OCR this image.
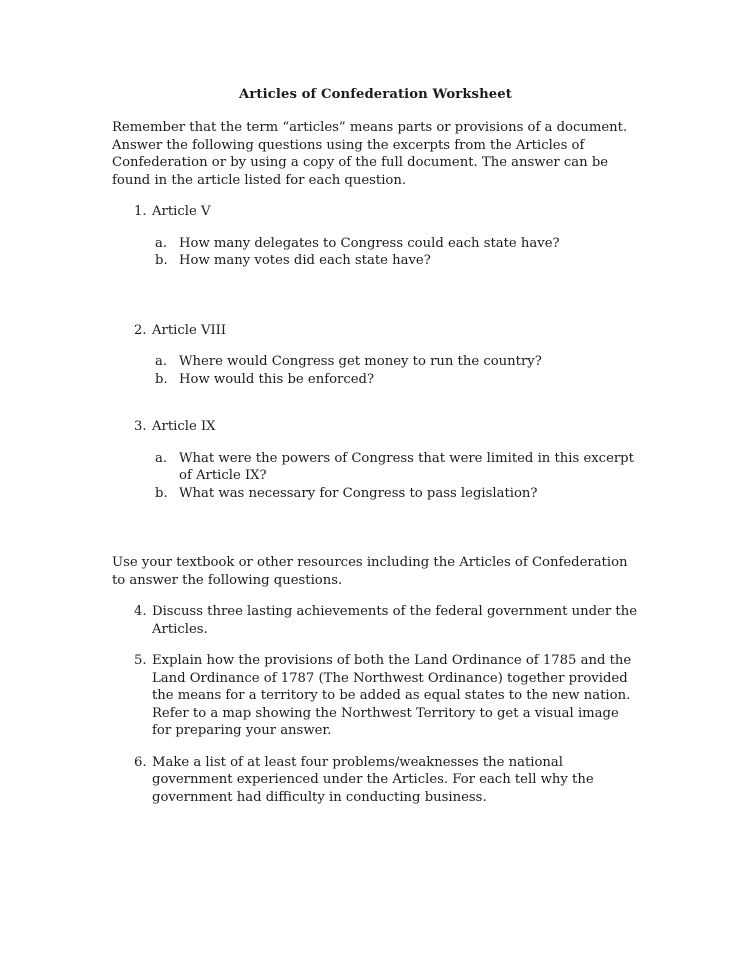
Articles of Confederation Worksheet

Remember that the term “articles” means parts or provisions of a document. Answer the following questions using the excerpts from the Articles of Confederation or by using a copy of the full document. The answer can be found in the article listed for each question.

1. Article V
a. How many delegates to Congress could each state have?
b. How many votes did each state have?
2. Article VIII
a. Where would Congress get money to run the country?
b. How would this be enforced?
3. Article IX
a. What were the powers of Congress that were limited in this excerpt of Article IX?
b. What was necessary for Congress to pass legislation?

Use your textbook or other resources including the Articles of Confederation to answer the following questions.

4. Discuss three lasting achievements of the federal government under the Articles.
5. Explain how the provisions of both the Land Ordinance of 1785 and the Land Ordinance of 1787 (The Northwest Ordinance) together provided the means for a territory to be added as equal states to the new nation. Refer to a map showing the Northwest Territory to get a visual image for preparing your answer.
6. Make a list of at least four problems/weaknesses the national government experienced under the Articles. For each tell why the government had difficulty in conducting business.
